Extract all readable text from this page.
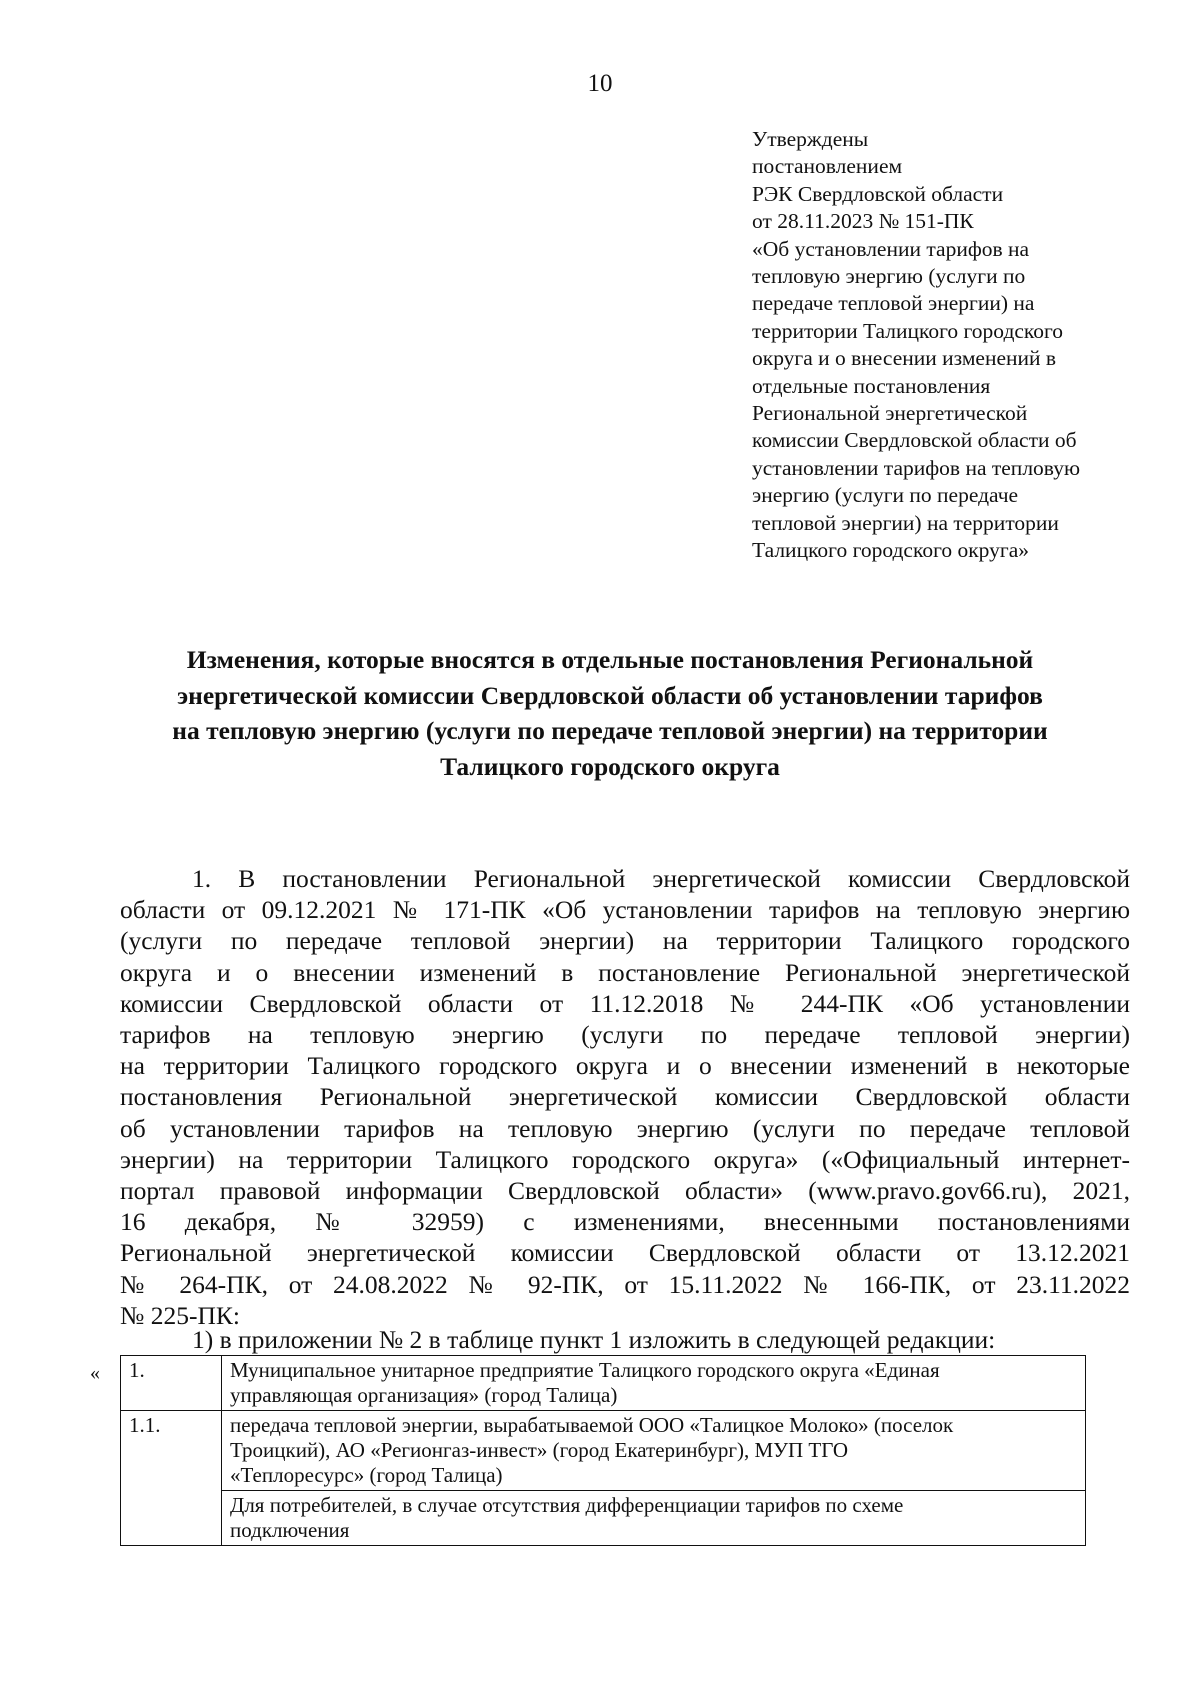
10
Утверждены
постановлением
РЭК Свердловской области
от 28.11.2023 № 151-ПК
«Об установлении тарифов на
тепловую энергию (услуги по
передаче тепловой энергии) на
территории Талицкого городского
округа и о внесении изменений в
отдельные постановления
Региональной энергетической
комиссии Свердловской области об
установлении тарифов на тепловую
энергию (услуги по передаче
тепловой энергии) на территории
Талицкого городского округа»
Изменения, которые вносятся в отдельные постановления Региональной
энергетической комиссии Свердловской области об установлении тарифов
на тепловую энергию (услуги по передаче тепловой энергии) на территории
Талицкого городского округа
1. В постановлении Региональной энергетической комиссии Свердловской
области от 09.12.2021 № 171-ПК «Об установлении тарифов на тепловую энергию
(услуги по передаче тепловой энергии) на территории Талицкого городского
округа и о внесении изменений в постановление Региональной энергетической
комиссии Свердловской области от 11.12.2018 № 244-ПК «Об установлении
тарифов на тепловую энергию (услуги по передаче тепловой энергии)
на территории Талицкого городского округа и о внесении изменений в некоторые
постановления Региональной энергетической комиссии Свердловской области
об установлении тарифов на тепловую энергию (услуги по передаче тепловой
энергии) на территории Талицкого городского округа» («Официальный интернет-
портал правовой информации Свердловской области» (www.pravo.gov66.ru), 2021,
16 декабря, № 32959) с изменениями, внесенными постановлениями
Региональной энергетической комиссии Свердловской области от 13.12.2021
№ 264-ПК, от 24.08.2022 № 92-ПК, от 15.11.2022 № 166-ПК, от 23.11.2022
№ 225-ПК:
1) в приложении № 2 в таблице пункт 1 изложить в следующей редакции:
« 1.	Муниципальное унитарное предприятие Талицкого городского округа «Единая
управляющая организация» (город Талица)

1.1.	передача тепловой энергии, вырабатываемой ООО «Талицкое Молоко» (поселок
Троицкий), АО «Регионгаз-инвест» (город Екатеринбург), МУП ТГО
«Теплоресурс» (город Талица)

	Для потребителей, в случае отсутствия дифференциации тарифов по схеме
подключения
